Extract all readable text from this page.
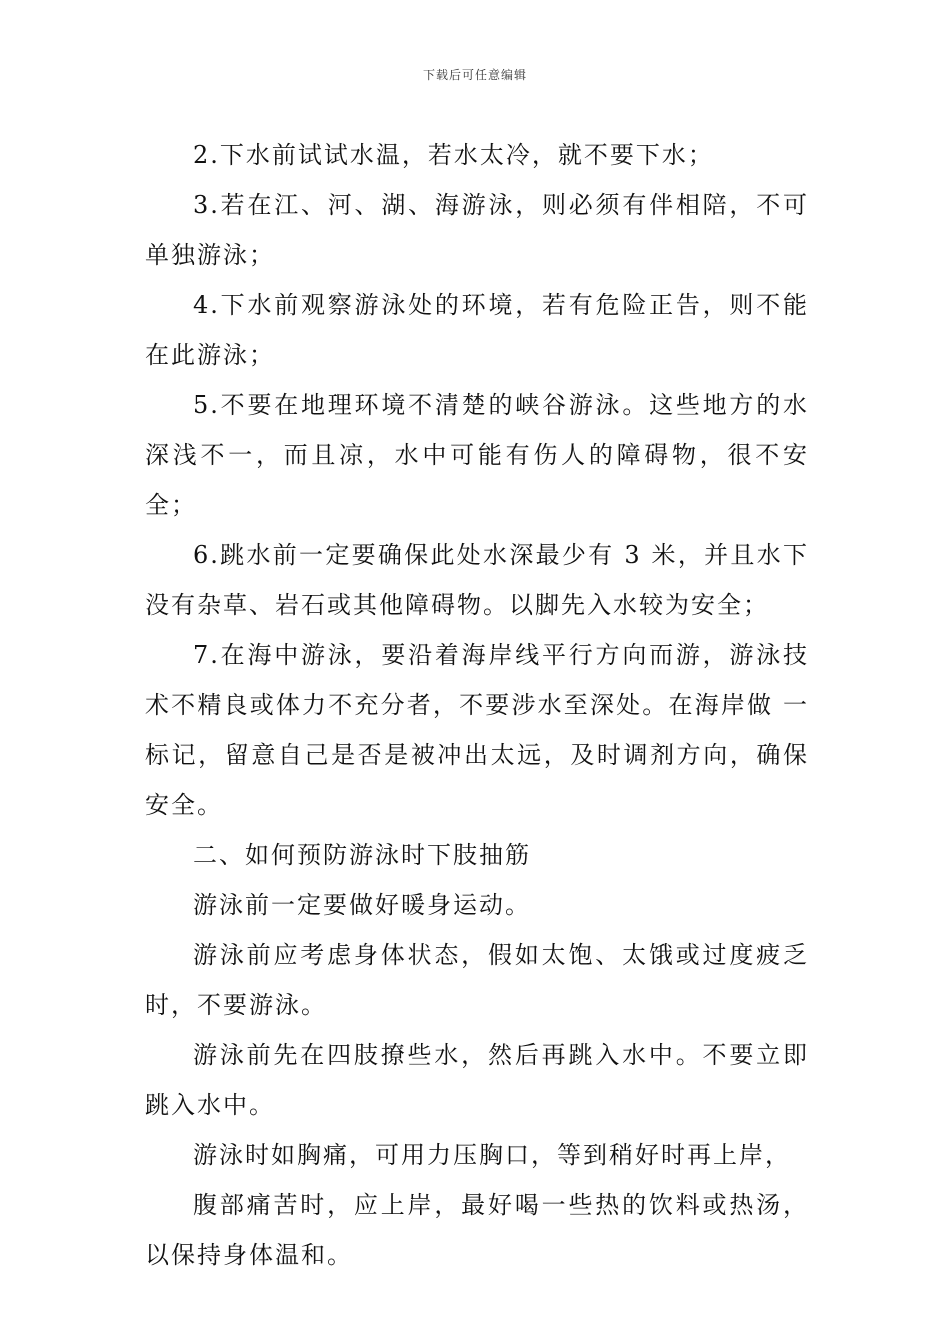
下载后可任意编辑

2.下水前试试水温，若水太冷，就不要下水；

3.若在江、河、湖、海游泳，则必须有伴相陪，不可单独游泳；

4.下水前观察游泳处的环境，若有危险正告，则不能在此游泳；

5.不要在地理环境不清楚的峡谷游泳。这些地方的水深浅不一，而且凉，水中可能有伤人的障碍物，很不安全；

6.跳水前一定要确保此处水深最少有 3 米，并且水下没有杂草、岩石或其他障碍物。以脚先入水较为安全；

7.在海中游泳，要沿着海岸线平行方向而游，游泳技术不精良或体力不充分者，不要涉水至深处。在海岸做 一标记，留意自己是否是被冲出太远，及时调剂方向，确保安全。

二、如何预防游泳时下肢抽筋

游泳前一定要做好暖身运动。

游泳前应考虑身体状态，假如太饱、太饿或过度疲乏时，不要游泳。

游泳前先在四肢撩些水，然后再跳入水中。不要立即跳入水中。

游泳时如胸痛，可用力压胸口，等到稍好时再上岸，

腹部痛苦时，应上岸，最好喝一些热的饮料或热汤，以保持身体温和。
